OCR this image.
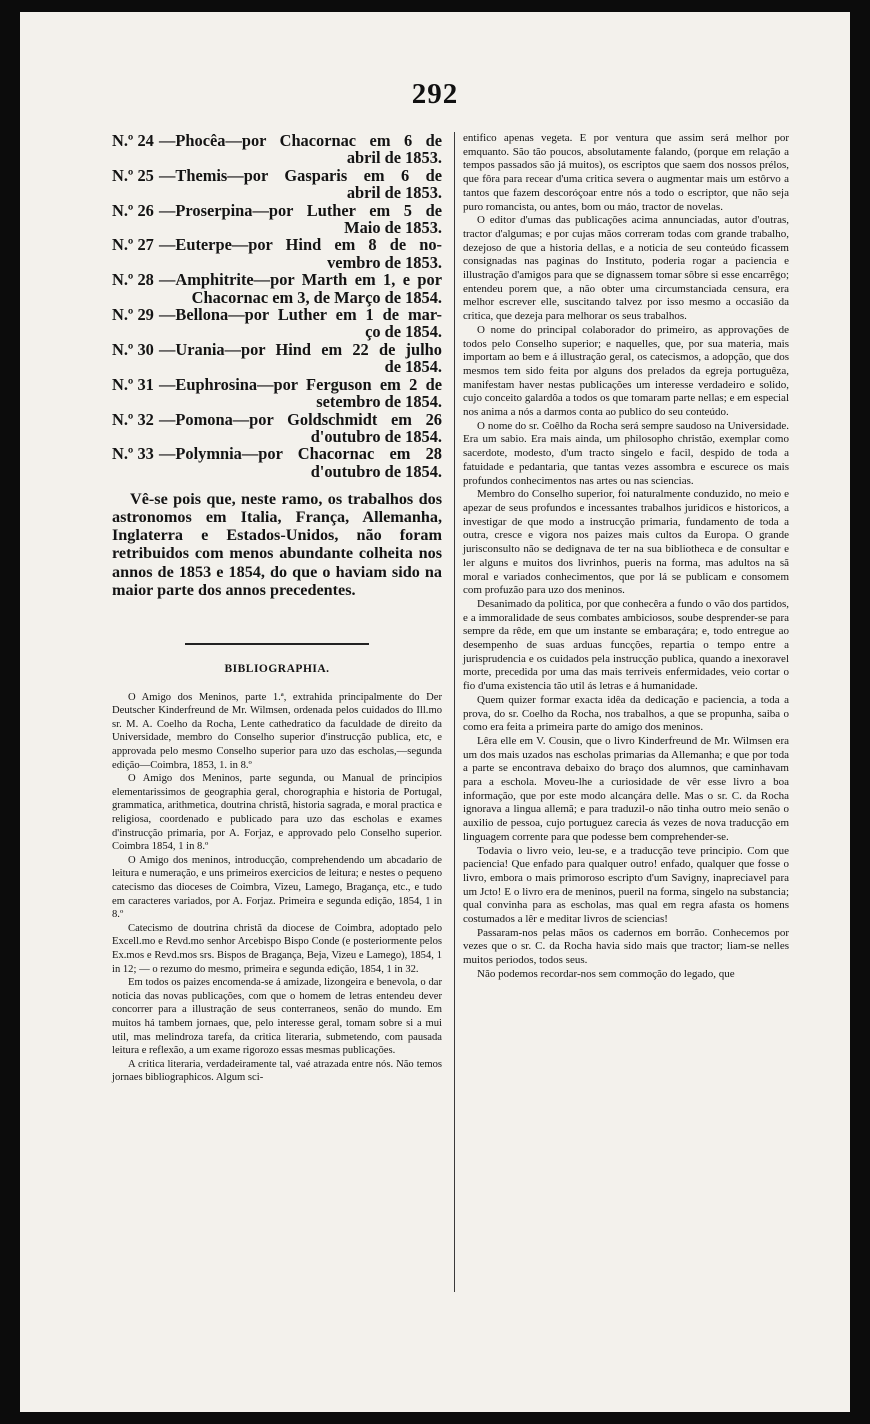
292
N.º 24 —Phocêa—por Chacornac em 6 de
abril de 1853.
N.º 25 —Themis—por Gasparis em 6 de
abril de 1853.
N.º 26 —Proserpina—por Luther em 5 de
Maio de 1853.
N.º 27 —Euterpe—por Hind em 8 de no-
vembro de 1853.
N.º 28 —Amphitrite—por Marth em 1, e por
Chacornac em 3, de Março de 1854.
N.º 29 —Bellona—por Luther em 1 de mar-
ço de 1854.
N.º 30 —Urania—por Hind em 22 de julho
de 1854.
N.º 31 —Euphrosina—por Ferguson em 2 de
setembro de 1854.
N.º 32 —Pomona—por Goldschmidt em 26
d'outubro de 1854.
N.º 33 —Polymnia—por Chacornac em 28
d'outubro de 1854.
Vê-se pois que, neste ramo, os trabalhos dos astronomos em Italia, França, Allemanha, Inglaterra e Estados-Unidos, não foram retribuidos com menos abundante colheita nos annos de 1853 e 1854, do que o haviam sido na maior parte dos annos precedentes.
BIBLIOGRAPHIA.

O Amigo dos Meninos, parte 1.ª, extrahida principalmente do Der Deutscher Kinderfreund de Mr. Wilmsen, ordenada pelos cuidados do Ill.mo sr. M. A. Coelho da Rocha, Lente cathedratico da faculdade de direito da Universidade, membro do Conselho superior d'instrucção publica, etc, e approvada pelo mesmo Conselho superior para uzo das escholas,—segunda edição—Coimbra, 1853, 1. in 8.º

O Amigo dos Meninos, parte segunda, ou Manual de principios elementarissimos de geographia geral, chorographia e historia de Portugal, grammatica, arithmetica, doutrina christã, historia sagrada, e moral practica e religiosa, coordenado e publicado para uzo das escholas e exames d'instrucção primaria, por A. Forjaz, e approvado pelo Conselho superior. Coimbra 1854, 1 in 8.º

O Amigo dos meninos, introducção, comprehendendo um abcadario de leitura e numeração, e uns primeiros exercicios de leitura; e nestes o pequeno catecismo das dioceses de Coimbra, Vizeu, Lamego, Bragança, etc., e tudo em caracteres variados, por A. Forjaz. Primeira e segunda edição, 1854, 1 in 8.º

Catecismo de doutrina christã da diocese de Coimbra, adoptado pelo Excell.mo e Revd.mo senhor Arcebispo Bispo Conde (e posteriormente pelos Ex.mos e Revd.mos srs. Bispos de Bragança, Beja, Vizeu e Lamego), 1854, 1 in 12; — o rezumo do mesmo, primeira e segunda edição, 1854, 1 in 32.

Em todos os paizes encomenda-se á amizade, lizongeira e benevola, o dar noticia das novas publicações, com que o homem de letras entendeu dever concorrer para a illustração de seus conterraneos, senão do mundo. Em muitos há tambem jornaes, que, pelo interesse geral, tomam sobre si a mui util, mas melindroza tarefa, da critica literaria, submetendo, com pausada leitura e reflexão, a um exame rigorozo essas mesmas publicações.

A critica literaria, verdadeiramente tal, vaé atrazada entre nós. Não temos jornaes bibliographicos. Algum sci-

entifico apenas vegeta. E por ventura que assim será melhor por emquanto. São tão poucos, absolutamente falando, (porque em relação a tempos passados são já muitos), os escriptos que saem dos nossos prélos, que fôra para recear d'uma critica severa o augmentar mais um estôrvo a tantos que fazem descoróçoar entre nós a todo o escriptor, que não seja puro romancista, ou antes, bom ou máo, tractor de novelas.

O editor d'umas das publicações acima annunciadas, autor d'outras, tractor d'algumas; e por cujas mãos correram todas com grande trabalho, dezejoso de que a historia dellas, e a noticia de seu conteúdo ficassem consignadas nas paginas do Instituto, poderia rogar a paciencia e illustração d'amigos para que se dignassem tomar sôbre si esse encarrêgo; entendeu porem que, a não obter uma circumstanciada censura, era melhor escrever elle, suscitando talvez por isso mesmo a occasião da critica, que dezeja para melhorar os seus trabalhos.

O nome do principal colaborador do primeiro, as approvações de todos pelo Conselho superior; e naquelles, que, por sua materia, mais importam ao bem e á illustração geral, os catecismos, a adopção, que dos mesmos tem sido feita por alguns dos prelados da egreja portuguêza, manifestam haver nestas publicações um interesse verdadeiro e solido, cujo conceito galardôa a todos os que tomaram parte nellas; e em especial nos anima a nós a darmos conta ao publico do seu conteúdo.

O nome do sr. Coêlho da Rocha será sempre saudoso na Universidade. Era um sabio. Era mais ainda, um philosopho christão, exemplar como sacerdote, modesto, d'um tracto singelo e facil, despido de toda a fatuidade e pedantaria, que tantas vezes assombra e escurece os mais profundos conhecimentos nas artes ou nas sciencias.

Membro do Conselho superior, foi naturalmente conduzido, no meio e apezar de seus profundos e incessantes trabalhos juridicos e historicos, a investigar de que modo a instrucção primaria, fundamento de toda a outra, cresce e vigora nos paizes mais cultos da Europa. O grande jurisconsulto não se dedignava de ter na sua bibliotheca e de consultar e ler alguns e muitos dos livrinhos, pueris na forma, mas adultos na sã moral e variados conhecimentos, que por lá se publicam e consomem com profuzão para uzo dos meninos.

Desanimado da politica, por que conhecêra a fundo o vão dos partidos, e a immoralidade de seus combates ambiciosos, soube desprender-se para sempre da rêde, em que um instante se embaraçára; e, todo entregue ao desempenho de suas arduas funcções, repartia o tempo entre a jurisprudencia e os cuidados pela instrucção publica, quando a inexoravel morte, precedida por uma das mais terriveis enfermidades, veio cortar o fio d'uma existencia tão util ás letras e á humanidade.

Quem quizer formar exacta idêa da dedicação e paciencia, a toda a prova, do sr. Coelho da Rocha, nos trabalhos, a que se propunha, saiba o como era feita a primeira parte do amigo dos meninos.

Lêra elle em V. Cousin, que o livro Kinderfreund de Mr. Wilmsen era um dos mais uzados nas escholas primarias da Allemanha; e que por toda a parte se encontrava debaixo do braço dos alumnos, que caminhavam para a eschola. Moveu-lhe a curiosidade de vêr esse livro a boa informação, que por este modo alcançára delle. Mas o sr. C. da Rocha ignorava a lingua allemã; e para traduzil-o não tinha outro meio senão o auxilio de pessoa, cujo portuguez carecia ás vezes de nova traducção em linguagem corrente para que podesse bem comprehender-se.

Todavia o livro veio, leu-se, e a traducção teve principio. Com que paciencia! Que enfado para qualquer outro! enfado, qualquer que fosse o livro, embora o mais primoroso escripto d'um Savigny, inapreciavel para um Jcto! E o livro era de meninos, pueril na forma, singelo na substancia; qual convinha para as escholas, mas qual em regra afasta os homens costumados a lêr e meditar livros de sciencias!

Passaram-nos pelas mãos os cadernos em borrão. Conhecemos por vezes que o sr. C. da Rocha havia sido mais que tractor; liam-se nelles muitos periodos, todos seus.

Não podemos recordar-nos sem commoção do legado, que
